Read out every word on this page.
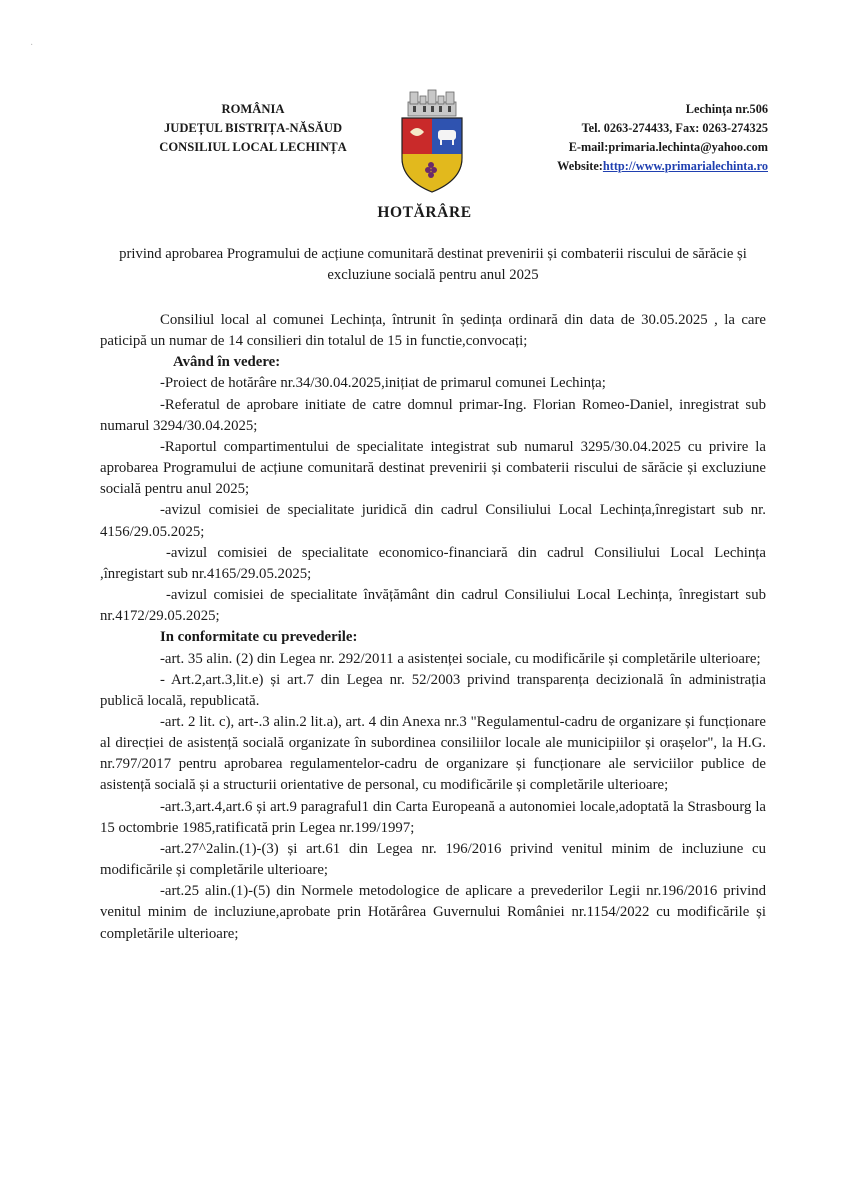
·
ROMÂNIA
JUDEȚUL BISTRIȚA-NĂSĂUD
CONSILIUL LOCAL LECHINȚA
Lechința nr.506
Tel. 0263-274433, Fax: 0263-274325
E-mail:primaria.lechinta@yahoo.com
Website:http://www.primarialechinta.ro
HOTĂRÂRE
privind aprobarea Programului de acțiune comunitară destinat prevenirii și combaterii riscului de sărăcie și excluziune socială pentru anul 2025

Consiliul local al comunei Lechința, întrunit în ședința ordinară din data de 30.05.2025 , la care paticipă un numar de 14 consilieri din totalul de 15 in functie,convocați;

Având în vedere:

-Proiect de hotărâre nr.34/30.04.2025,inițiat de primarul comunei Lechința;

-Referatul de aprobare initiate de catre domnul primar-Ing. Florian Romeo-Daniel, inregistrat sub numarul 3294/30.04.2025;

-Raportul compartimentului de specialitate integistrat sub numarul 3295/30.04.2025 cu privire la aprobarea Programului de acțiune comunitară destinat prevenirii și combaterii riscului de sărăcie și excluziune socială pentru anul 2025;

-avizul comisiei de specialitate juridică din cadrul Consiliului Local Lechința,înregistart sub nr. 4156/29.05.2025;

-avizul comisiei de specialitate economico-financiară din cadrul Consiliului Local Lechința ,înregistart sub nr.4165/29.05.2025;

-avizul comisiei de specialitate învățământ din cadrul Consiliului Local Lechința, înregistart sub nr.4172/29.05.2025;

In conformitate cu prevederile:

-art. 35 alin. (2) din Legea nr. 292/2011 a asistenței sociale, cu modificările și completările ulterioare;

- Art.2,art.3,lit.e) și art.7 din Legea nr. 52/2003 privind transparența decizională în administrația publică locală, republicată.

-art. 2 lit. c), art-.3 alin.2 lit.a), art. 4 din Anexa nr.3 "Regulamentul-cadru de organizare și funcționare al direcției de asistență socială organizate în subordinea consiliilor locale ale municipiilor și orașelor", la H.G. nr.797/2017 pentru aprobarea regulamentelor-cadru de organizare și funcționare ale serviciilor publice de asistență socială și a structurii orientative de personal, cu modificările și completările ulterioare;

-art.3,art.4,art.6 și art.9 paragraful1 din Carta Europeană a autonomiei locale,adoptată la Strasbourg la 15 octombrie 1985,ratificată prin Legea nr.199/1997;

-art.27^2alin.(1)-(3) și art.61 din Legea nr. 196/2016 privind venitul minim de incluziune cu modificările și completările ulterioare;

-art.25 alin.(1)-(5) din Normele metodologice de aplicare a prevederilor Legii nr.196/2016 privind venitul minim de incluziune,aprobate prin Hotărârea Guvernului României nr.1154/2022 cu modificările și completările ulterioare;
